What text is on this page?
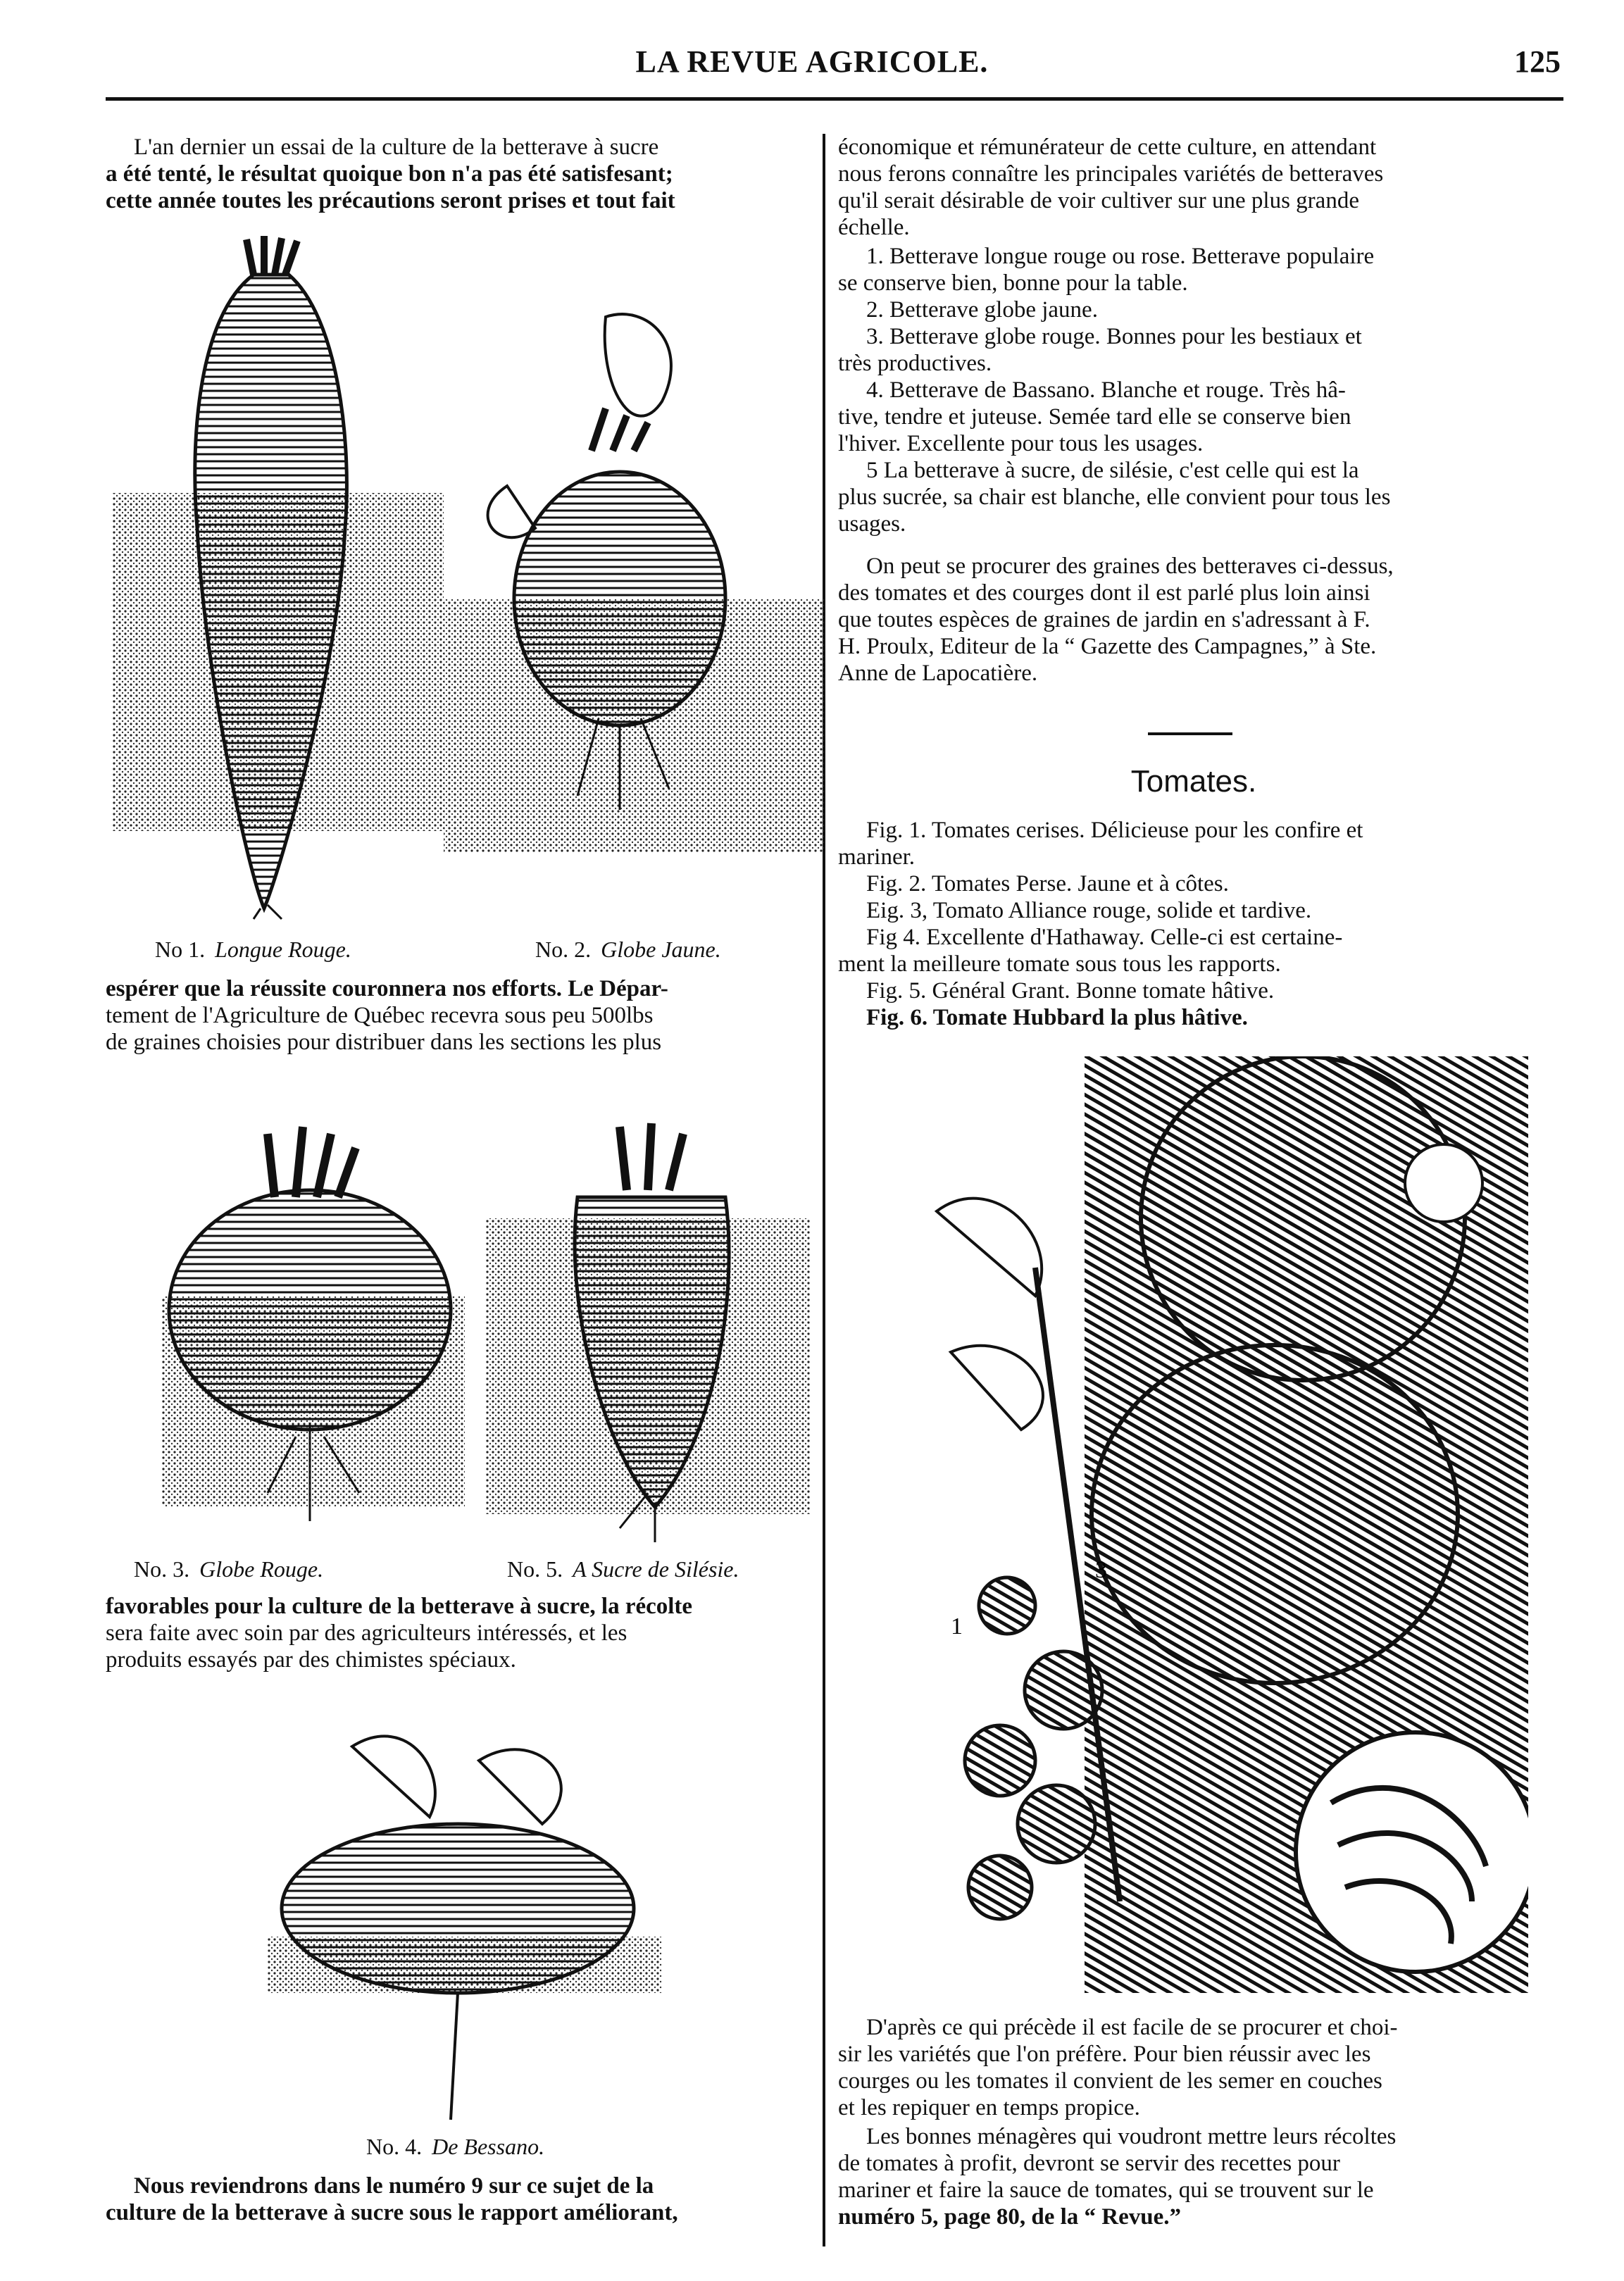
LA REVUE AGRICOLE.	125
L'an dernier un essai de la culture de la betterave à sucre
a été tenté, le résultat quoique bon n'a pas été satisfesant;
cette année toutes les précautions seront prises et tout fait
No 1. Longue Rouge.	No. 2. Globe Jaune.
espérer que la réussite couronnera nos efforts. Le Dépar-
tement de l'Agriculture de Québec recevra sous peu 500lbs
de graines choisies pour distribuer dans les sections les plus
No. 3. Globe Rouge.	No. 5. A Sucre de Silésie.
favorables pour la culture de la betterave à sucre, la récolte
sera faite avec soin par des agriculteurs intéressés, et les
produits essayés par des chimistes spéciaux.
No. 4. De Bessano.
Nous reviendrons dans le numéro 9 sur ce sujet de la
culture de la betterave à sucre sous le rapport améliorant,
économique et rémunérateur de cette culture, en attendant
nous ferons connaître les principales variétés de betteraves
qu'il serait désirable de voir cultiver sur une plus grande
échelle.

1. Betterave longue rouge ou rose. Betterave populaire
se conserve bien, bonne pour la table.

2. Betterave globe jaune.

3. Betterave globe rouge. Bonnes pour les bestiaux et
très productives.

4. Betterave de Bassano. Blanche et rouge. Très hâ-
tive, tendre et juteuse. Semée tard elle se conserve bien
l'hiver. Excellente pour tous les usages.

5 La betterave à sucre, de silésie, c'est celle qui est la
plus sucrée, sa chair est blanche, elle convient pour tous les
usages.

On peut se procurer des graines des betteraves ci-dessus,
des tomates et des courges dont il est parlé plus loin ainsi
que toutes espèces de graines de jardin en s'adressant à F.
H. Proulx, Editeur de la “ Gazette des Campagnes,” à Ste.
Anne de Lapocatière.
Tomates.

Fig. 1. Tomates cerises. Délicieuse pour les confire et
mariner.

Fig. 2. Tomates Perse. Jaune et à côtes.

Eig. 3, Tomato Alliance rouge, solide et tardive.

Fig 4. Excellente d'Hathaway. Celle-ci est certaine-
ment la meilleure tomate sous tous les rapports.

Fig. 5. Général Grant. Bonne tomate hâtive.

Fig. 6. Tomate Hubbard la plus hâtive.

1
3
D'après ce qui précède il est facile de se procurer et choi-
sir les variétés que l'on préfère. Pour bien réussir avec les
courges ou les tomates il convient de les semer en couches
et les repiquer en temps propice.
Les bonnes ménagères qui voudront mettre leurs récoltes
de tomates à profit, devront se servir des recettes pour
mariner et faire la sauce de tomates, qui se trouvent sur le
numéro 5, page 80, de la “ Revue.”
